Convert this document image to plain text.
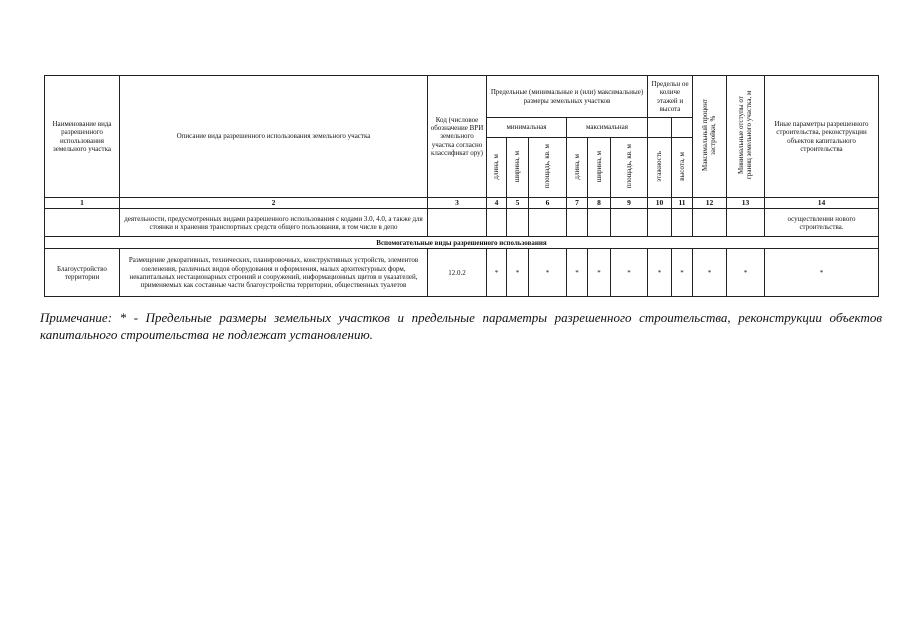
Наименование вида разрешенного использования земельного участка	Описание вида разрешенного использования земельного участка	Код (числовое обозначение ВРИ земельного участка согласно классификат ору)	Предельные (минимальные и (или) максимальные) размеры земельных участков						Предельн ое количе этажей и высота		Максимальный процент застройки, %	Минимальные отступы от границ земельного участка, м	Иные параметры разрешенного строительства, реконструкции объектов капитального строительства
			минимальная			максимальная							
			длина, м	ширина, м	площадь, кв. м	длина, м	ширина, м	площадь, кв. м	этажность	высота, м			
1	2	3	4	5	6	7	8	9	10	11	12	13	14
	деятельности, предусмотренных видами разрешенного использования с кодами 3.0, 4.0, а также для стоянки и хранения транспортных средств общего пользования, в том числе в депо												осуществлении нового строительства.
Вспомогательные виды разрешенного использования													
Благоустройство территории	Размещение декоративных, технических, планировочных, конструктивных устройств, элементов озеленения, различных видов оборудования и оформления, малых архитектурных форм, некапитальных нестационарных строений и сооружений, информационных щитов и указателей, применяемых как составные части благоустройства территории, общественных туалетов	12.0.2	*	*	*	*	*	*	*	*	*	*	*
Примечание: * - Предельные размеры земельных участков и предельные параметры разрешенного строительства, реконструкции объектов капитального строительства не подлежат установлению.
